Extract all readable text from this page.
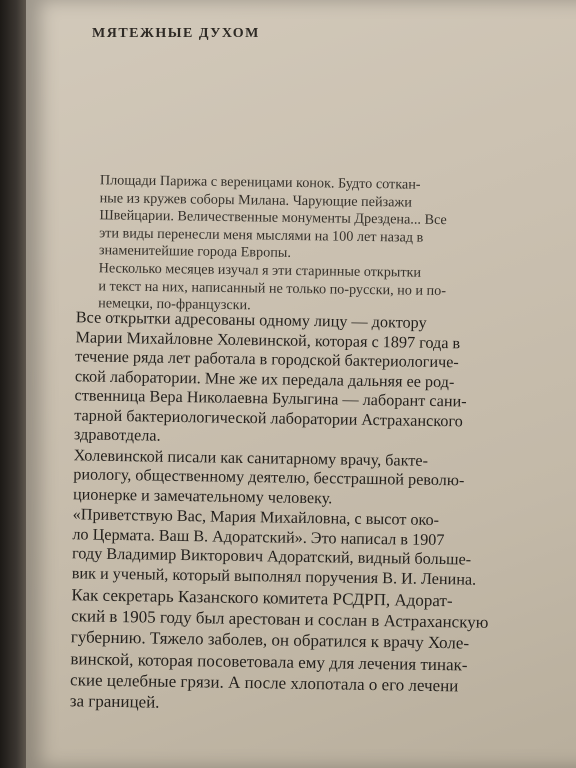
МЯТЕЖНЫЕ ДУХОМ

Площади Парижа с вереницами конок. Будто соткан-
ные из кружев соборы Милана. Чарующие пейзажи
Швейцарии. Величественные монументы Дрездена... Все
эти виды перенесли меня мыслями на 100 лет назад в
знаменитейшие города Европы.

Несколько месяцев изучал я эти старинные открытки
и текст на них, написанный не только по-русски, но и по-
немецки, по-французски.

Все открытки адресованы одному лицу — доктору
Марии Михайловне Холевинской, которая с 1897 года в
течение ряда лет работала в городской бактериологиче-
ской лаборатории. Мне же их передала дальняя ее род-
ственница Вера Николаевна Булыгина — лаборант сани-
тарной бактериологической лаборатории Астраханского
здравотдела.

Холевинской писали как санитарному врачу, бакте-
риологу, общественному деятелю, бесстрашной револю-
ционерке и замечательному человеку.

«Приветствую Вас, Мария Михайловна, с высот око-
ло Цермата. Ваш В. Адоратский». Это написал в 1907
году Владимир Викторович Адоратский, видный больше-
вик и ученый, который выполнял поручения В. И. Ленина.

Как секретарь Казанского комитета РСДРП, Адорат-
ский в 1905 году был арестован и сослан в Астраханскую
губернию. Тяжело заболев, он обратился к врачу Холе-
винской, которая посоветовала ему для лечения тинак-
ские целебные грязи. А после хлопотала о его лечени
за границей.
